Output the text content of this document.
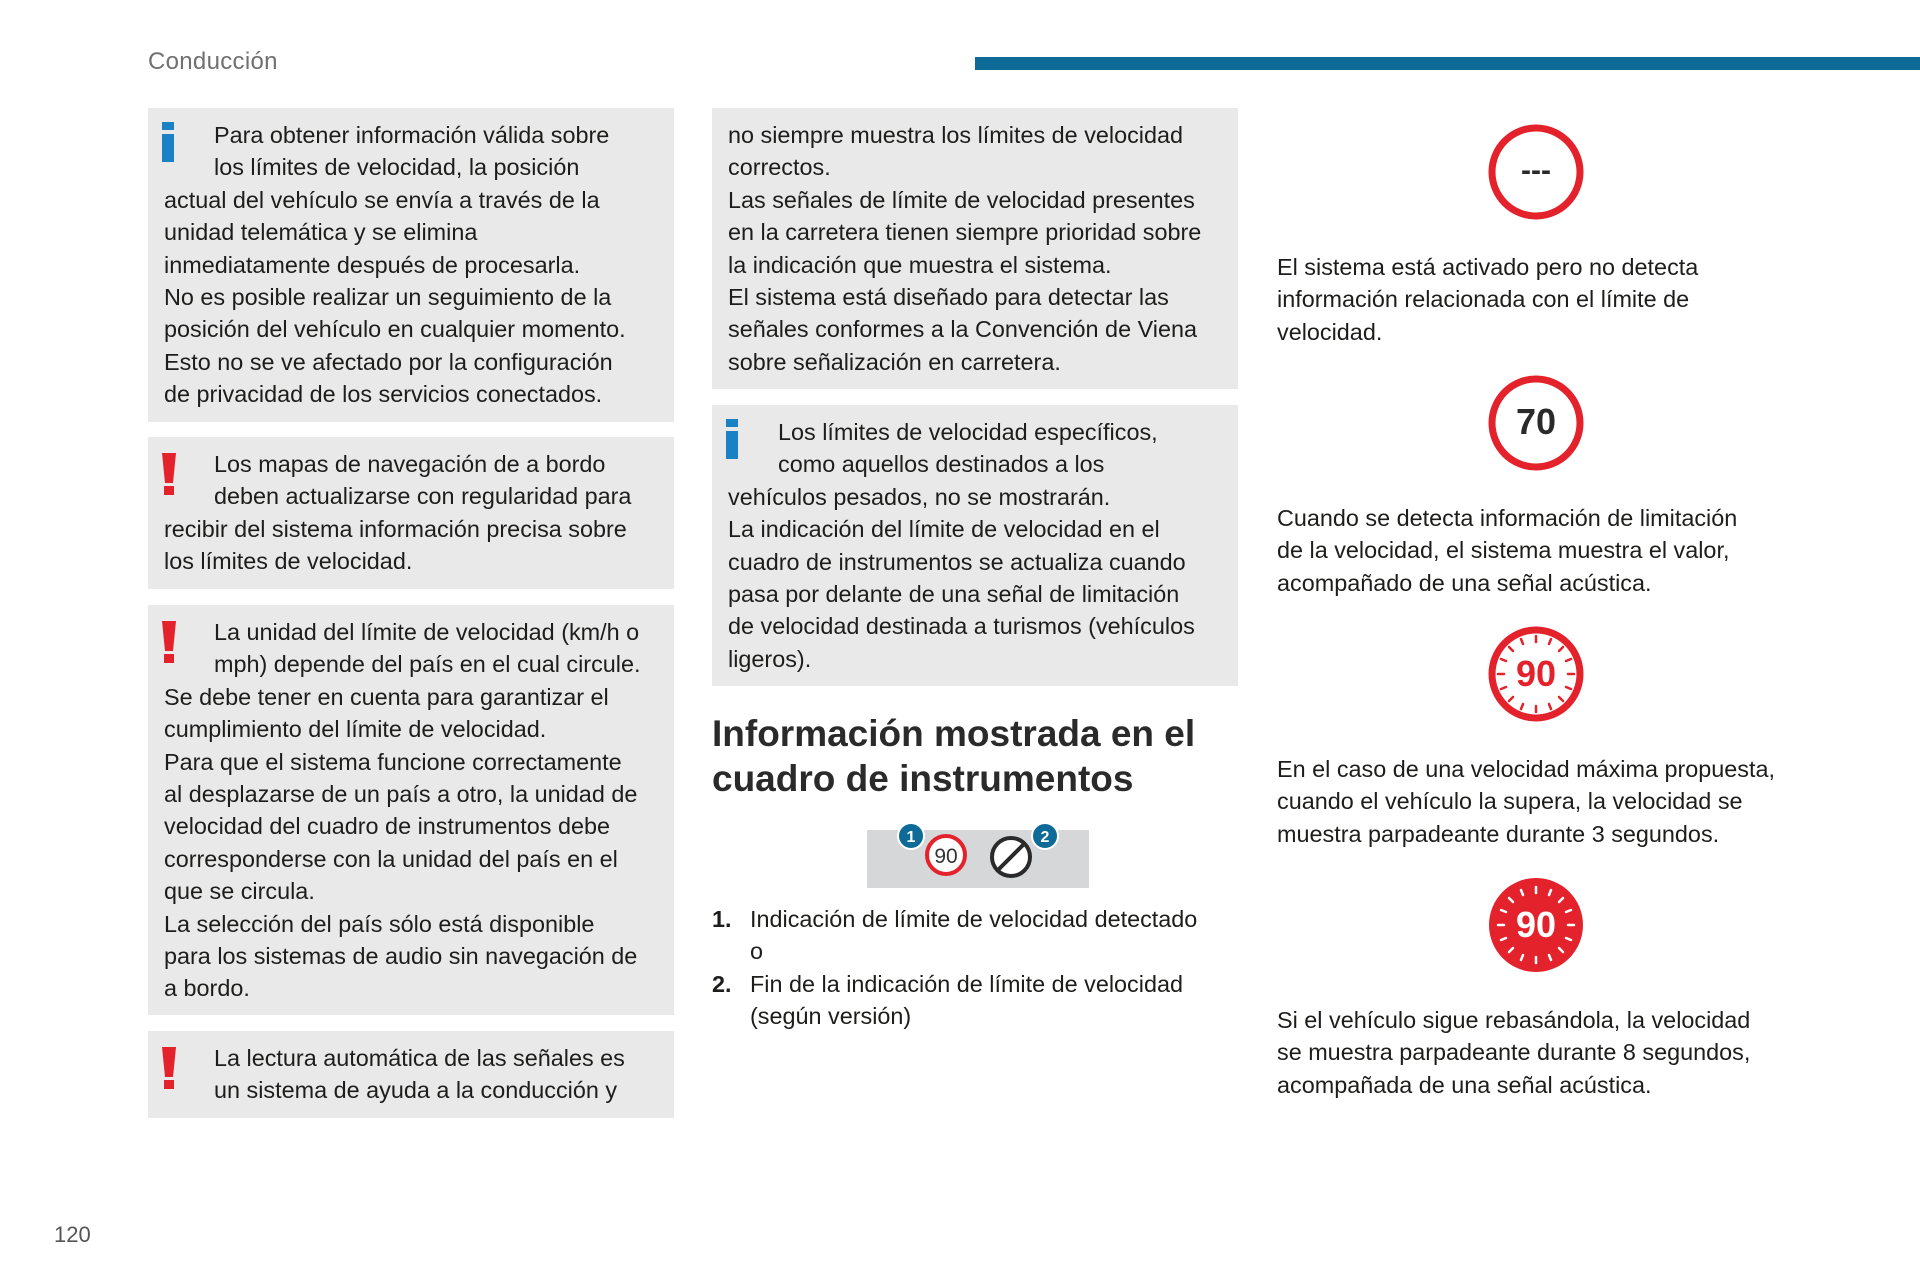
Conducción

Para obtener información válida sobre

los límites de velocidad, la posición

actual del vehículo se envía a través de la

unidad telemática y se elimina

inmediatamente después de procesarla.

No es posible realizar un seguimiento de la

posición del vehículo en cualquier momento.

Esto no se ve afectado por la configuración

de privacidad de los servicios conectados.

Los mapas de navegación de a bordo

deben actualizarse con regularidad para

recibir del sistema información precisa sobre

los límites de velocidad.

La unidad del límite de velocidad (km/h o

mph) depende del país en el cual circule.

Se debe tener en cuenta para garantizar el

cumplimiento del límite de velocidad.

Para que el sistema funcione correctamente

al desplazarse de un país a otro, la unidad de

velocidad del cuadro de instrumentos debe

corresponderse con la unidad del país en el

que se circula.

La selección del país sólo está disponible

para los sistemas de audio sin navegación de

a bordo.

La lectura automática de las señales es

un sistema de ayuda a la conducción y

no siempre muestra los límites de velocidad

correctos.

Las señales de límite de velocidad presentes

en la carretera tienen siempre prioridad sobre

la indicación que muestra el sistema.

El sistema está diseñado para detectar las

señales conformes a la Convención de Viena

sobre señalización en carretera.

Los límites de velocidad específicos,

como aquellos destinados a los

vehículos pesados, no se mostrarán.

La indicación del límite de velocidad en el

cuadro de instrumentos se actualiza cuando

pasa por delante de una señal de limitación

de velocidad destinada a turismos (vehículos

ligeros).

Información mostrada en el
cuadro de instrumentos
90
1	2
1. Indicación de límite de velocidad detectado
o
2. Fin de la indicación de límite de velocidad
(según versión)
---
El sistema está activado pero no detecta
información relacionada con el límite de
velocidad.
70
Cuando se detecta información de limitación
de la velocidad, el sistema muestra el valor,
acompañado de una señal acústica.
90
En el caso de una velocidad máxima propuesta,
cuando el vehículo la supera, la velocidad se
muestra parpadeante durante 3 segundos.
90
Si el vehículo sigue rebasándola, la velocidad
se muestra parpadeante durante 8 segundos,
acompañada de una señal acústica.
120
